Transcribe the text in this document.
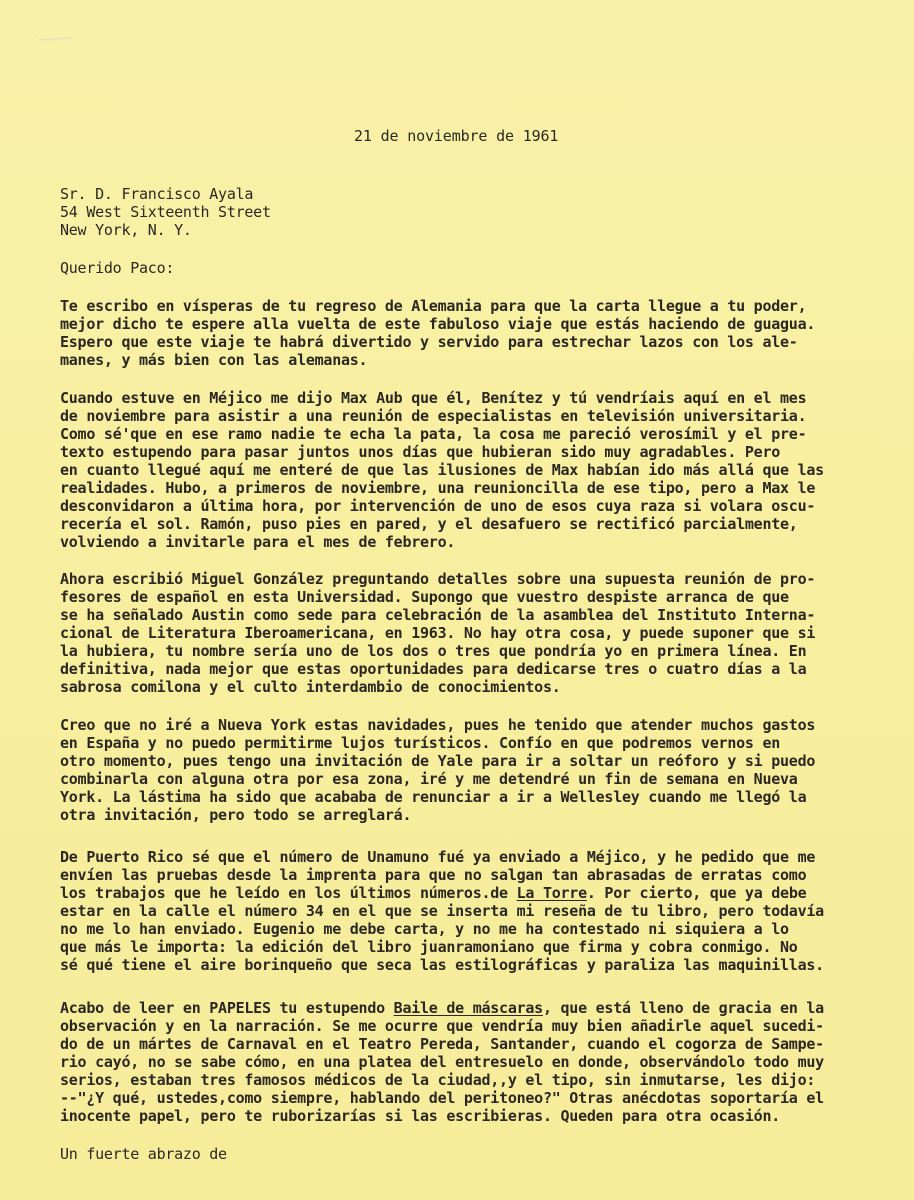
21 de noviembre de 1961
Sr. D. Francisco Ayala
54 West Sixteenth Street
New York, N. Y.
Querido Paco:
Te escribo en vísperas de tu regreso de Alemania para que la carta llegue a tu poder,
mejor dicho te espere alla vuelta de este fabuloso viaje que estás haciendo de guagua.
Espero que este viaje te habrá divertido y servido para estrechar lazos con los ale-
manes, y más bien con las alemanas.
Cuando estuve en Méjico me dijo Max Aub que él, Benítez y tú vendríais aquí en el mes
de noviembre para asistir a una reunión de especialistas en televisión universitaria.
Como sé'que en ese ramo nadie te echa la pata, la cosa me pareció verosímil y el pre-
texto estupendo para pasar juntos unos días que hubieran sido muy agradables. Pero
en cuanto llegué aquí me enteré de que las ilusiones de Max habían ido más allá que las
realidades. Hubo, a primeros de noviembre, una reunioncilla de ese tipo, pero a Max le
desconvidaron a última hora, por intervención de uno de esos cuya raza si volara oscu-
recería el sol. Ramón, puso pies en pared, y el desafuero se rectificó parcialmente,
volviendo a invitarle para el mes de febrero.
Ahora escribió Miguel González preguntando detalles sobre una supuesta reunión de pro-
fesores de español en esta Universidad. Supongo que vuestro despiste arranca de que
se ha señalado Austin como sede para celebración de la asamblea del Instituto Interna-
cional de Literatura Iberoamericana, en 1963. No hay otra cosa, y puede suponer que si
la hubiera, tu nombre sería uno de los dos o tres que pondría yo en primera línea. En
definitiva, nada mejor que estas oportunidades para dedicarse tres o cuatro días a la
sabrosa comilona y el culto interdambio de conocimientos.
Creo que no iré a Nueva York estas navidades, pues he tenido que atender muchos gastos
en España y no puedo permitirme lujos turísticos. Confío en que podremos vernos en
otro momento, pues tengo una invitación de Yale para ir a soltar un reóforo y si puedo
combinarla con alguna otra por esa zona, iré y me detendré un fin de semana en Nueva
York. La lástima ha sido que acababa de renunciar a ir a Wellesley cuando me llegó la
otra invitación, pero todo se arreglará.
De Puerto Rico sé que el número de Unamuno fué ya enviado a Méjico, y he pedido que me
envíen las pruebas desde la imprenta para que no salgan tan abrasadas de erratas como
los trabajos que he leído en los últimos números.de La Torre. Por cierto, que ya debe
estar en la calle el número 34 en el que se inserta mi reseña de tu libro, pero todavía
no me lo han enviado. Eugenio me debe carta, y no me ha contestado ni siquiera a lo
que más le importa: la edición del libro juanramoniano que firma y cobra conmigo. No
sé qué tiene el aire borinqueño que seca las estilográficas y paraliza las maquinillas.
Acabo de leer en PAPELES tu estupendo Baile de máscaras, que está lleno de gracia en la
observación y en la narración. Se me ocurre que vendría muy bien añadirle aquel sucedi-
do de un mártes de Carnaval en el Teatro Pereda, Santander, cuando el cogorza de Sampe-
rio cayó, no se sabe cómo, en una platea del entresuelo en donde, observándolo todo muy
serios, estaban tres famosos médicos de la ciudad,,y el tipo, sin inmutarse, les dijo:
--"¿Y qué, ustedes,como siempre, hablando del peritoneo?" Otras anécdotas soportaría el
inocente papel, pero te ruborizarías si las escribieras. Queden para otra ocasión.
Un fuerte abrazo de
